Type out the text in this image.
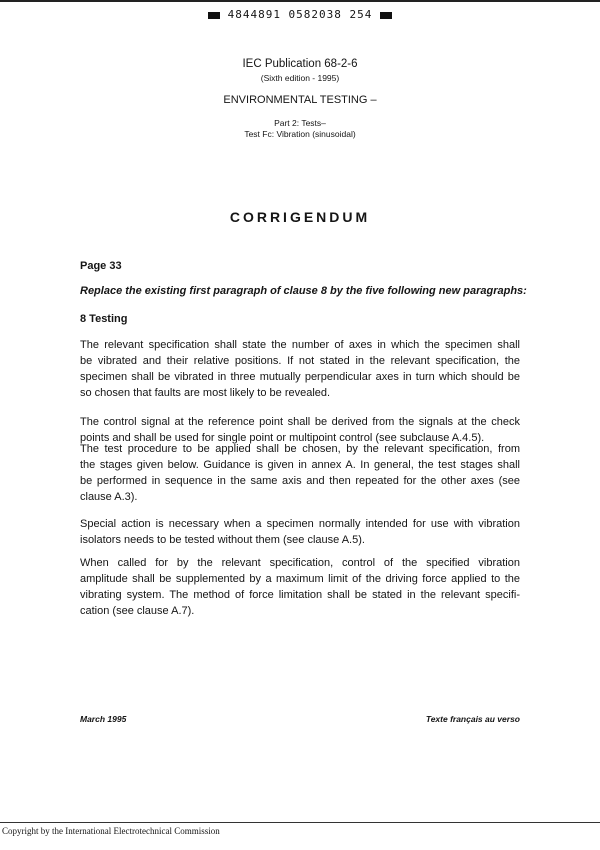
4844891 0582038 254
IEC Publication 68-2-6
(Sixth edition - 1995)
ENVIRONMENTAL TESTING –
Part 2: Tests–
Test Fc: Vibration (sinusoidal)
CORRIGENDUM
Page 33
Replace the existing first paragraph of clause 8 by the five following new paragraphs:
8 Testing
The relevant specification shall state the number of axes in which the specimen shall
be vibrated and their relative positions. If not stated in the relevant specification, the
specimen shall be vibrated in three mutually perpendicular axes in turn which should be
so chosen that faults are most likely to be revealed.
The control signal at the reference point shall be derived from the signals at the check
points and shall be used for single point or multipoint control (see subclause A.4.5).
The test procedure to be applied shall be chosen, by the relevant specification, from
the stages given below. Guidance is given in annex A. In general, the test stages shall
be performed in sequence in the same axis and then repeated for the other axes (see
clause A.3).
Special action is necessary when a specimen normally intended for use with vibration
isolators needs to be tested without them (see clause A.5).
When called for by the relevant specification, control of the specified vibration
amplitude shall be supplemented by a maximum limit of the driving force applied to the
vibrating system. The method of force limitation shall be stated in the relevant specifi-
cation (see clause A.7).
March 1995	Texte français au verso
Copyright by the International Electrotechnical Commission
